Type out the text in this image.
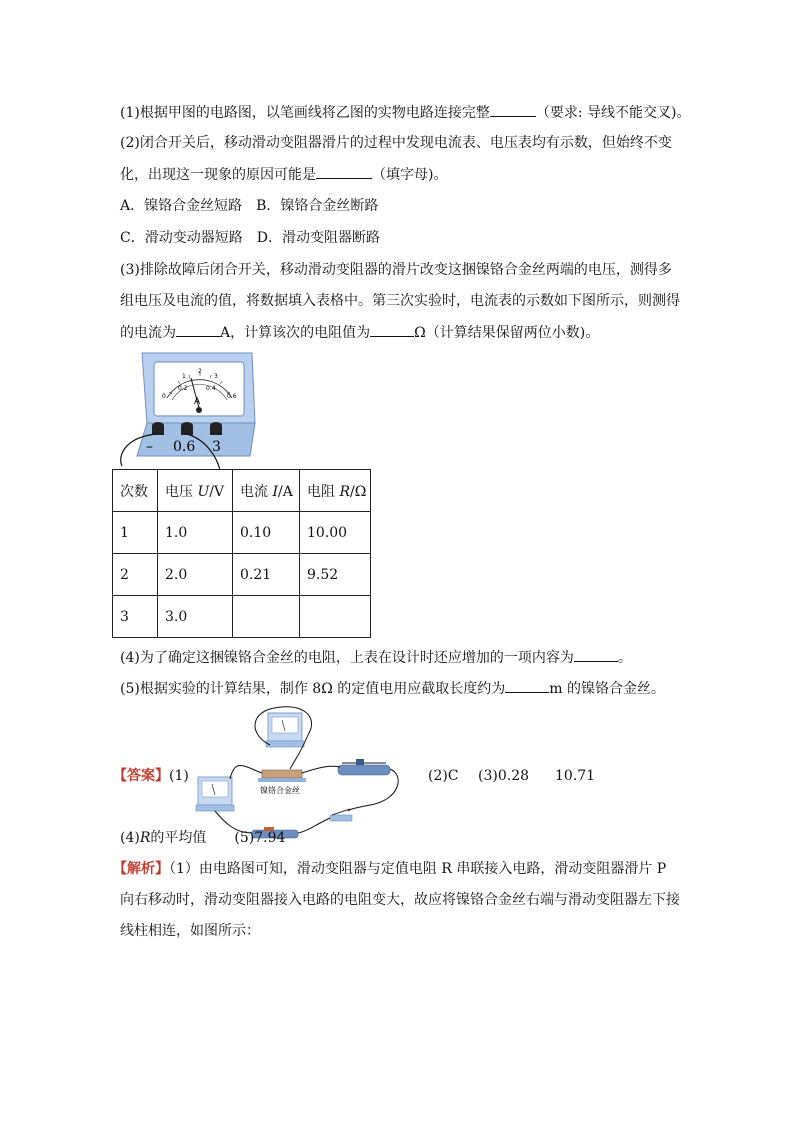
(1)根据甲图的电路图，以笔画线将乙图的实物电路连接完整	（要求: 导线不能交叉)。
(2)闭合开关后，移动滑动变阻器滑片的过程中发现电流表、电压表均有示数，但始终不变
化，出现这一现象的原因可能是	（填字母)。
A．镍铬合金丝短路 B．镍铬合金丝断路
C．滑动变动器短路 D．滑动变阻器断路
(3)排除故障后闭合开关，移动滑动变阻器的滑片改变这捆镍铬合金丝两端的电压，测得多
组电压及电流的值，将数据填入表格中。第三次实验时，电流表的示数如下图所示，则测得
的电流为	A，计算该次的电阻值为	Ω（计算结果保留两位小数)。
0
0.2	0.4
0.6
1
2
3
A
– 0.6 3
次数	电压 U/V	电流 I/A	电阻 R/Ω
1	1.0	0.10	10.00
2	2.0	0.21	9.52
3	3.0		
(4)为了确定这捆镍铬合金丝的电阻，上表在设计时还应增加的一项内容为	。
(5)根据实验的计算结果，制作 8Ω 的定值电用应截取长度约为	m 的镍铬合金丝。
【答案】(1)	(2)C (3)0.28 10.71
镍铬合金丝
(4)R的平均值 (5)7.94
【解析】（1）由电路图可知，滑动变阻器与定值电阻 R 串联接入电路，滑动变阻器滑片 P
向右移动时，滑动变阻器接入电路的电阻变大，故应将镍铬合金丝右端与滑动变阻器左下接
线柱相连，如图所示：
